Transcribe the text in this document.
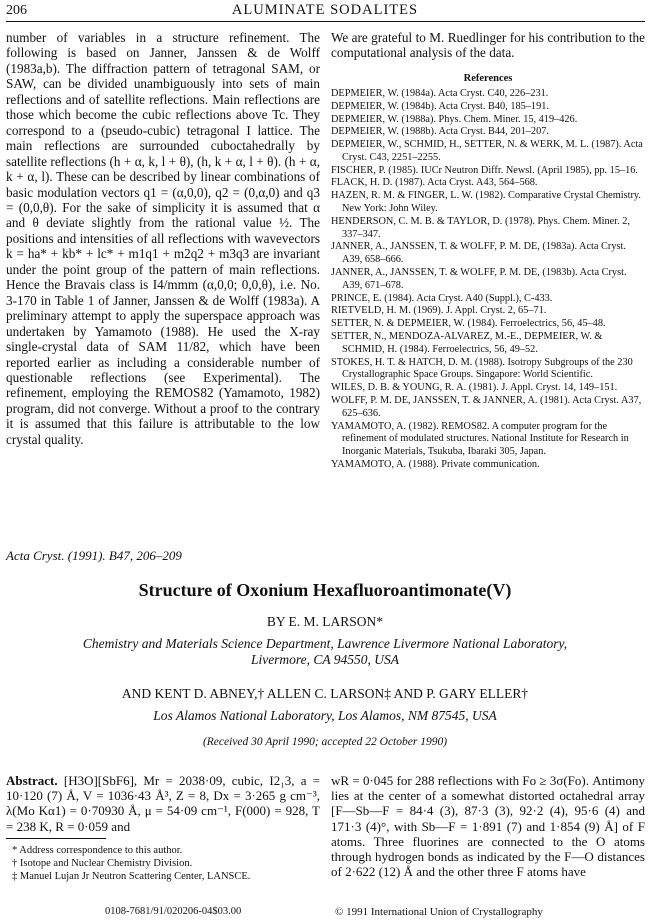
206	ALUMINATE SODALITES
number of variables in a structure refinement. The following is based on Janner, Janssen & de Wolff (1983a,b). The diffraction pattern of tetragonal SAM, or SAW, can be divided unambiguously into sets of main reflections and of satellite reflections. Main reflections are those which become the cubic reflections above Tc. They correspond to a (pseudo-cubic) tetragonal I lattice. The main reflections are surrounded cuboctahedrally by satellite reflections (h + α, k, l + θ), (h, k + α, l + θ). (h + α, k + α, l). These can be described by linear combinations of basic modulation vectors q1 = (α,0,0), q2 = (0,α,0) and q3 = (0,0,θ). For the sake of simplicity it is assumed that α and θ deviate slightly from the rational value ½. The positions and intensities of all reflections with wavevectors k = ha* + kb* + lc* + m1q1 + m2q2 + m3q3 are invariant under the point group of the pattern of main reflections. Hence the Bravais class is I4/mmm (α,0,0; 0,0,θ), i.e. No. 3-170 in Table 1 of Janner, Janssen & de Wolff (1983a). A preliminary attempt to apply the superspace approach was undertaken by Yamamoto (1988). He used the X-ray single-crystal data of SAM 11/82, which have been reported earlier as including a considerable number of questionable reflections (see Experimental). The refinement, employing the REMOS82 (Yamamoto, 1982) program, did not converge. Without a proof to the contrary it is assumed that this failure is attributable to the low crystal quality.
We are grateful to M. Ruedlinger for his contribution to the computational analysis of the data.
References
DEPMEIER, W. (1984a). Acta Cryst. C40, 226–231.
DEPMEIER, W. (1984b). Acta Cryst. B40, 185–191.
DEPMEIER, W. (1988a). Phys. Chem. Miner. 15, 419–426.
DEPMEIER, W. (1988b). Acta Cryst. B44, 201–207.
DEPMEIER, W., SCHMID, H., SETTER, N. & WERK, M. L. (1987). Acta Cryst. C43, 2251–2255.
FISCHER, P. (1985). IUCr Neutron Diffr. Newsl. (April 1985), pp. 15–16.
FLACK, H. D. (1987). Acta Cryst. A43, 564–568.
HAZEN, R. M. & FINGER, L. W. (1982). Comparative Crystal Chemistry. New York: John Wiley.
HENDERSON, C. M. B. & TAYLOR, D. (1978). Phys. Chem. Miner. 2, 337–347.
JANNER, A., JANSSEN, T. & WOLFF, P. M. DE, (1983a). Acta Cryst. A39, 658–666.
JANNER, A., JANSSEN, T. & WOLFF, P. M. DE, (1983b). Acta Cryst. A39, 671–678.
PRINCE, E. (1984). Acta Cryst. A40 (Suppl.), C-433.
RIETVELD, H. M. (1969). J. Appl. Cryst. 2, 65–71.
SETTER, N. & DEPMEIER, W. (1984). Ferroelectrics, 56, 45–48.
SETTER, N., MENDOZA-ALVAREZ, M.-E., DEPMEIER, W. & SCHMID, H. (1984). Ferroelectrics, 56, 49–52.
STOKES, H. T. & HATCH, D. M. (1988). Isotropy Subgroups of the 230 Crystallographic Space Groups. Singapore: World Scientific.
WILES, D. B. & YOUNG, R. A. (1981). J. Appl. Cryst. 14, 149–151.
WOLFF, P. M. DE, JANSSEN, T. & JANNER, A. (1981). Acta Cryst. A37, 625–636.
YAMAMOTO, A. (1982). REMOS82. A computer program for the refinement of modulated structures. National Institute for Research in Inorganic Materials, Tsukuba, Ibaraki 305, Japan.
YAMAMOTO, A. (1988). Private communication.
Acta Cryst. (1991). B47, 206–209
Structure of Oxonium Hexafluoroantimonate(V)
BY E. M. LARSON*
Chemistry and Materials Science Department, Lawrence Livermore National Laboratory,
Livermore, CA 94550, USA
AND KENT D. ABNEY,† ALLEN C. LARSON‡ AND P. GARY ELLER†
Los Alamos National Laboratory, Los Alamos, NM 87545, USA
(Received 30 April 1990; accepted 22 October 1990)
Abstract. [H3O][SbF6], Mr = 2038·09, cubic, I2₁3, a = 10·120 (7) Å, V = 1036·43 Å³, Z = 8, Dx = 3·265 g cm⁻³, λ(Mo Kα1) = 0·70930 Å, μ = 54·09 cm⁻¹, F(000) = 928, T = 238 K, R = 0·059 and
wR = 0·045 for 288 reflections with Fo ≥ 3σ(Fo). Antimony lies at the center of a somewhat distorted octahedral array [F—Sb—F = 84·4 (3), 87·3 (3), 92·2 (4), 95·6 (4) and 171·3 (4)°, with Sb—F = 1·891 (7) and 1·854 (9) Å] of F atoms. Three fluorines are connected to the O atoms through hydrogen bonds as indicated by the F—O distances of 2·622 (12) Å and the other three F atoms have
* Address correspondence to this author.
† Isotope and Nuclear Chemistry Division.
‡ Manuel Lujan Jr Neutron Scattering Center, LANSCE.
0108-7681/91/020206-04$03.00	© 1991 International Union of Crystallography
